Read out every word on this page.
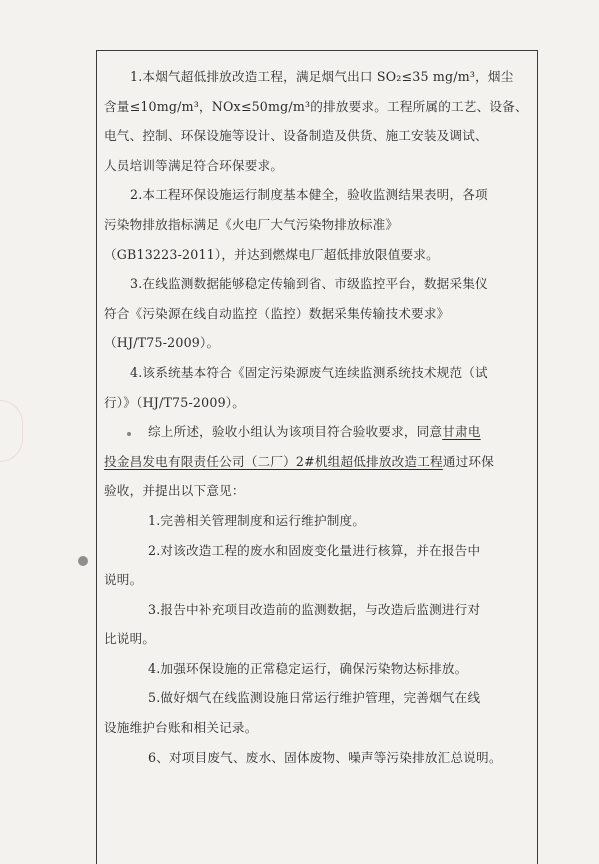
1.本烟气超低排放改造工程，满足烟气出口 SO₂≤35 mg/m³，烟尘
含量≤10mg/m³，NOx≤50mg/m³的排放要求。工程所属的工艺、设备、
电气、控制、环保设施等设计、设备制造及供货、施工安装及调试、
人员培训等满足符合环保要求。
2.本工程环保设施运行制度基本健全，验收监测结果表明，各项
污染物排放指标满足《火电厂大气污染物排放标准》
（GB13223-2011），并达到燃煤电厂超低排放限值要求。
3.在线监测数据能够稳定传输到省、市级监控平台，数据采集仪
符合《污染源在线自动监控（监控）数据采集传输技术要求》
（HJ/T75-2009）。
4.该系统基本符合《固定污染源废气连续监测系统技术规范（试
行）》（HJ/T75-2009）。
综上所述，验收小组认为该项目符合验收要求，同意甘肃电
投金昌发电有限责任公司（二厂）2#机组超低排放改造工程通过环保
验收，并提出以下意见：
1.完善相关管理制度和运行维护制度。
2.对该改造工程的废水和固废变化量进行核算，并在报告中
说明。
3.报告中补充项目改造前的监测数据，与改造后监测进行对
比说明。
4.加强环保设施的正常稳定运行，确保污染物达标排放。
5.做好烟气在线监测设施日常运行维护管理，完善烟气在线
设施维护台账和相关记录。
6、对项目废气、废水、固体废物、噪声等污染排放汇总说明。
